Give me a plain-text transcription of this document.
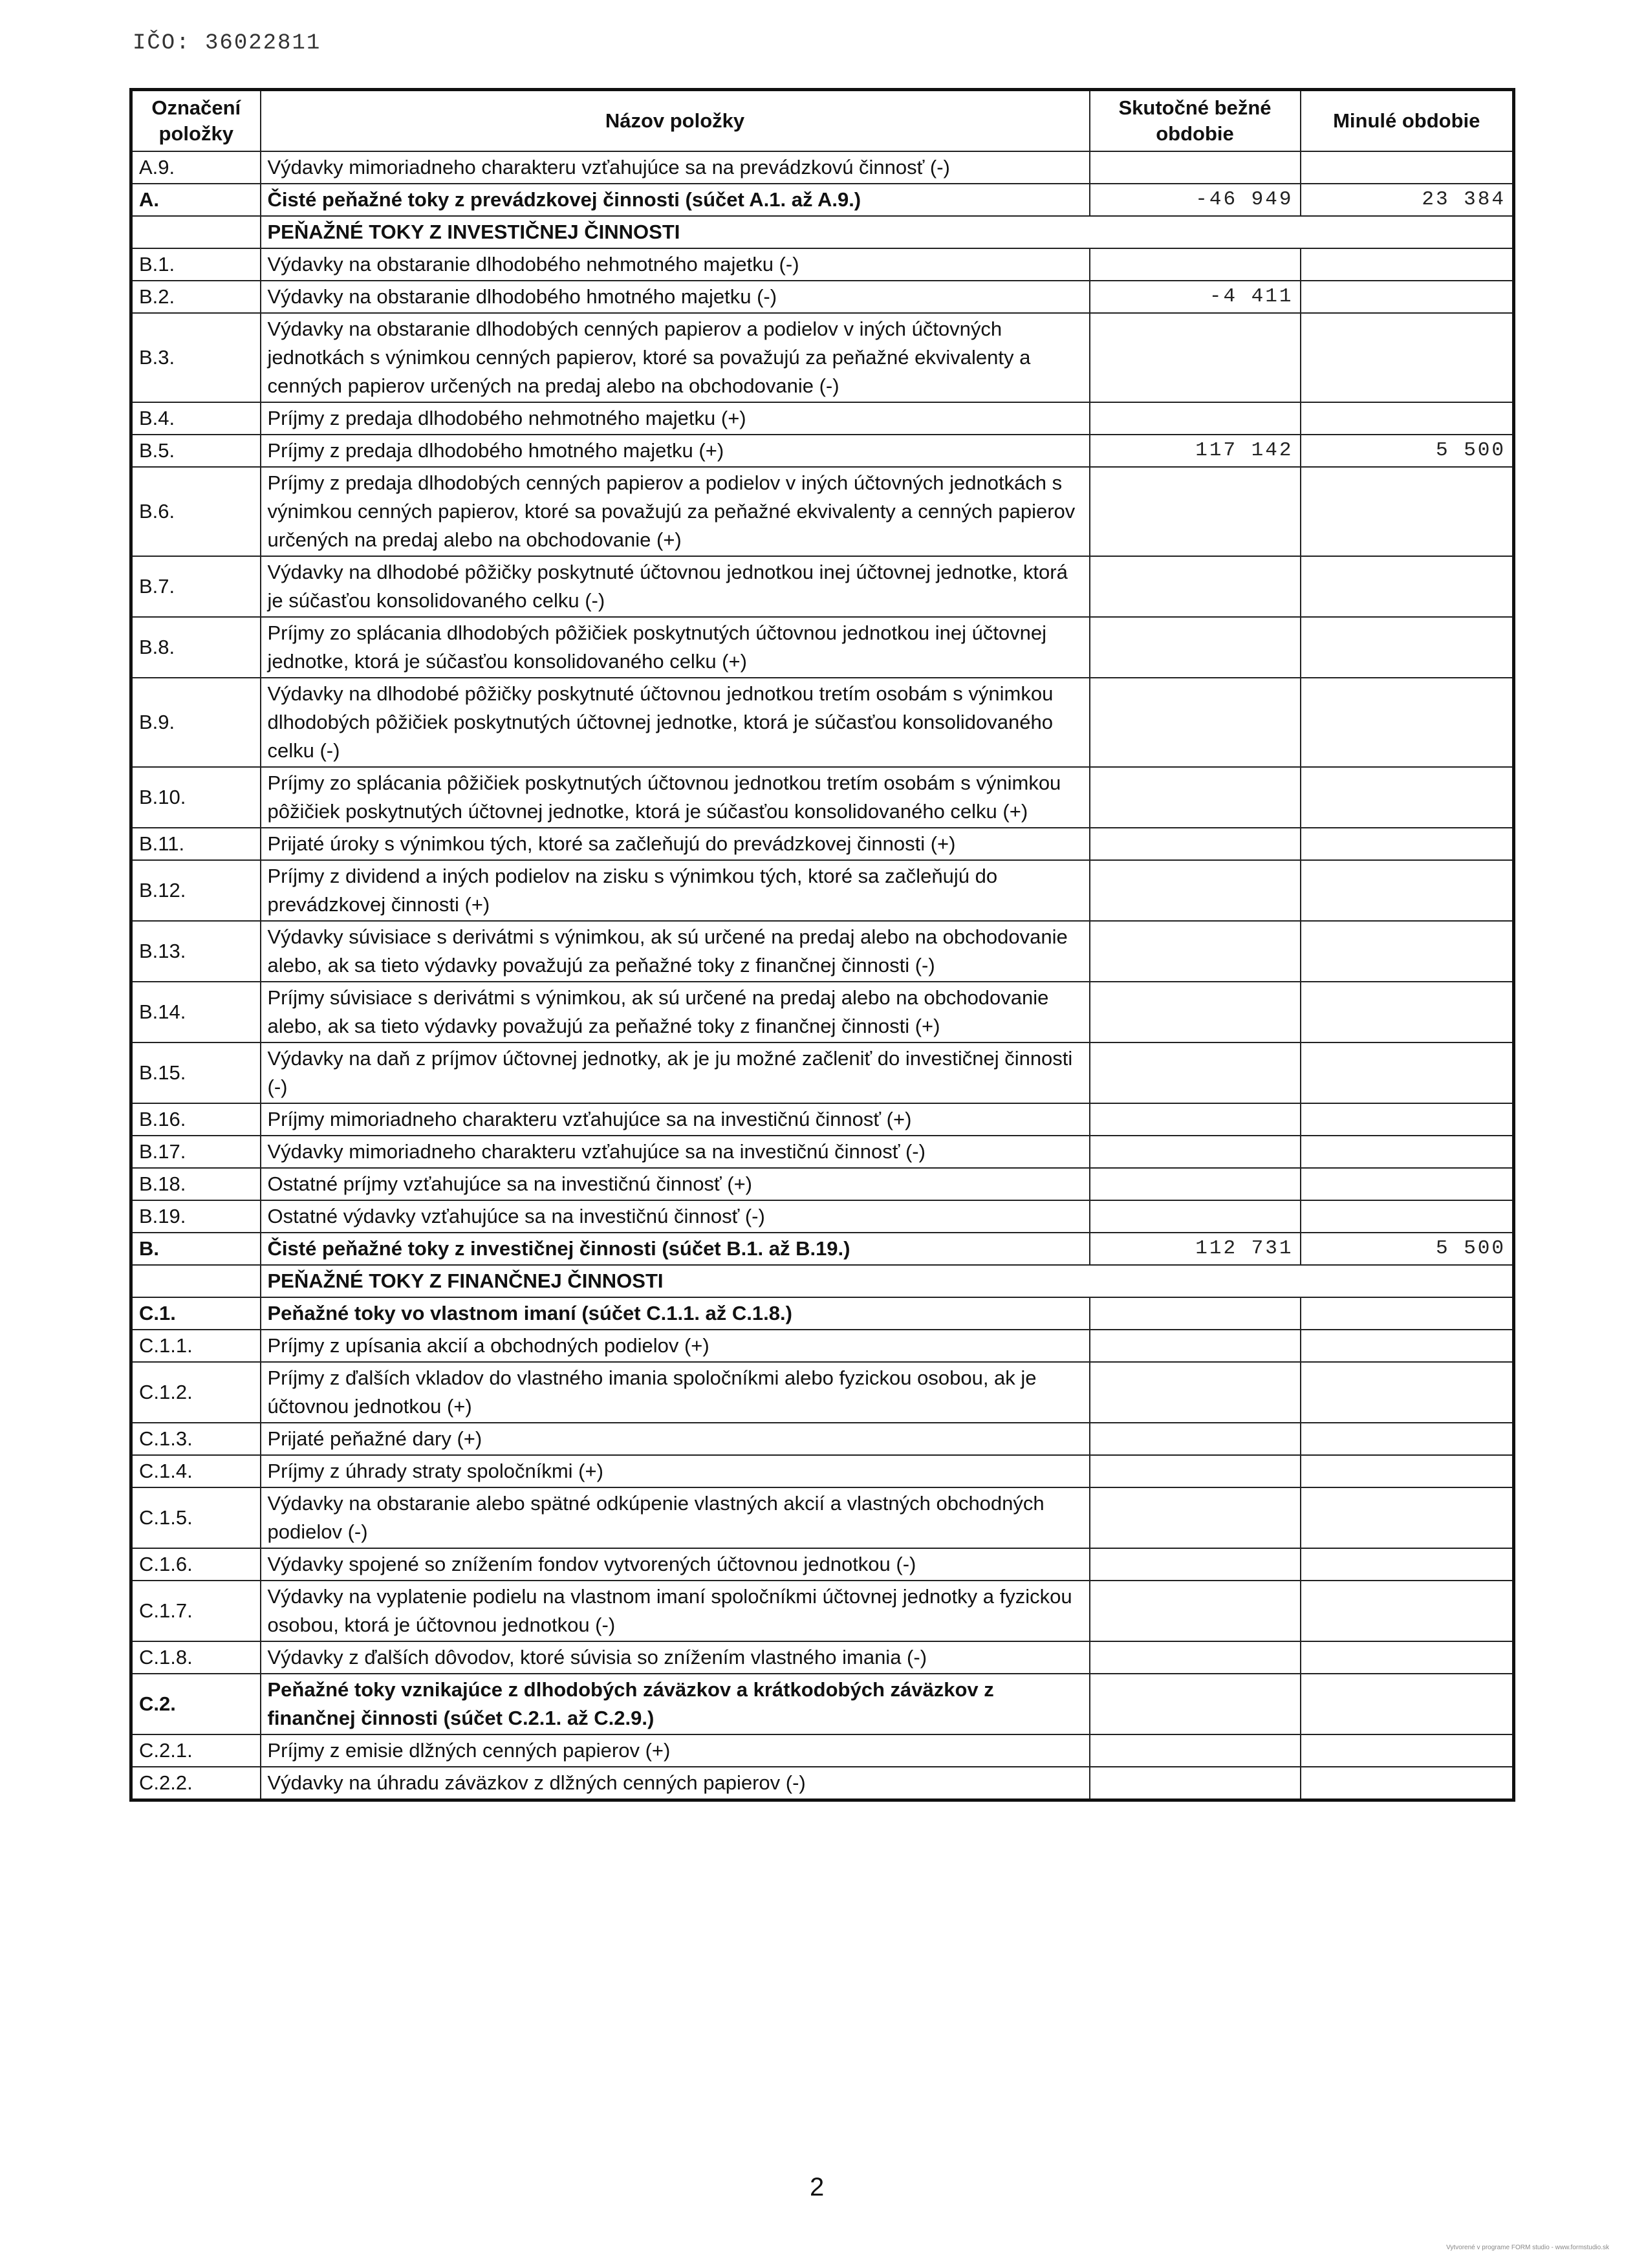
IČO: 36022811
Označení položky	Názov položky	Skutočné bežné obdobie	Minulé obdobie
A.9.	Výdavky mimoriadneho charakteru vzťahujúce sa na prevádzkovú činnosť (-)		
A.	Čisté peňažné toky z prevádzkovej činnosti (súčet A.1. až A.9.)	-46 949	23 384
	PEŇAŽNÉ TOKY Z INVESTIČNEJ ČINNOSTI		
B.1.	Výdavky na obstaranie dlhodobého nehmotného majetku (-)		
B.2.	Výdavky na obstaranie dlhodobého hmotného majetku (-)	-4 411	
B.3.	Výdavky na obstaranie dlhodobých cenných papierov a podielov v iných účtovných jednotkách s výnimkou cenných papierov, ktoré sa považujú za peňažné ekvivalenty a cenných papierov určených na predaj alebo na obchodovanie (-)		
B.4.	Príjmy z predaja dlhodobého nehmotného majetku (+)		
B.5.	Príjmy z predaja dlhodobého hmotného majetku (+)	117 142	5 500
B.6.	Príjmy z predaja dlhodobých cenných papierov a podielov v iných účtovných jednotkách s výnimkou cenných papierov, ktoré sa považujú za peňažné ekvivalenty a cenných papierov určených na predaj alebo na obchodovanie (+)		
B.7.	Výdavky na dlhodobé pôžičky poskytnuté účtovnou jednotkou inej účtovnej jednotke, ktorá je súčasťou konsolidovaného celku (-)		
B.8.	Príjmy zo splácania dlhodobých pôžičiek poskytnutých účtovnou jednotkou inej účtovnej jednotke, ktorá je súčasťou konsolidovaného celku (+)		
B.9.	Výdavky na dlhodobé pôžičky poskytnuté účtovnou jednotkou tretím osobám s výnimkou dlhodobých pôžičiek poskytnutých účtovnej jednotke, ktorá je súčasťou konsolidovaného celku (-)		
B.10.	Príjmy zo splácania pôžičiek poskytnutých účtovnou jednotkou tretím osobám s výnimkou pôžičiek poskytnutých účtovnej jednotke, ktorá je súčasťou konsolidovaného celku (+)		
B.11.	Prijaté úroky s výnimkou tých, ktoré sa začleňujú do prevádzkovej činnosti (+)		
B.12.	Príjmy z dividend a iných podielov na zisku s výnimkou tých, ktoré sa začleňujú do prevádzkovej činnosti (+)		
B.13.	Výdavky súvisiace s derivátmi s výnimkou, ak sú určené na predaj alebo na obchodovanie alebo, ak sa tieto výdavky považujú za peňažné toky z finančnej činnosti (-)		
B.14.	Príjmy súvisiace s derivátmi s výnimkou, ak sú určené na predaj alebo na obchodovanie alebo, ak sa tieto výdavky považujú za peňažné toky z finančnej činnosti (+)		
B.15.	Výdavky na daň z príjmov účtovnej jednotky, ak je ju možné začleniť do investičnej činnosti (-)		
B.16.	Príjmy mimoriadneho charakteru vzťahujúce sa na investičnú činnosť (+)		
B.17.	Výdavky mimoriadneho charakteru vzťahujúce sa na investičnú činnosť (-)		
B.18.	Ostatné príjmy vzťahujúce sa na investičnú činnosť (+)		
B.19.	Ostatné výdavky vzťahujúce sa na investičnú činnosť (-)		
B.	Čisté peňažné toky z investičnej činnosti (súčet B.1. až B.19.)	112 731	5 500
	PEŇAŽNÉ TOKY Z FINANČNEJ ČINNOSTI		
C.1.	Peňažné toky vo vlastnom imaní (súčet C.1.1. až C.1.8.)		
C.1.1.	Príjmy z upísania akcií a obchodných podielov (+)		
C.1.2.	Príjmy z ďalších vkladov do vlastného imania spoločníkmi alebo fyzickou osobou, ak je účtovnou jednotkou (+)		
C.1.3.	Prijaté peňažné dary (+)		
C.1.4.	Príjmy z úhrady straty spoločníkmi (+)		
C.1.5.	Výdavky na obstaranie alebo spätné odkúpenie vlastných akcií a vlastných obchodných podielov (-)		
C.1.6.	Výdavky spojené so znížením fondov vytvorených účtovnou jednotkou (-)		
C.1.7.	Výdavky na vyplatenie podielu na vlastnom imaní spoločníkmi účtovnej jednotky a fyzickou osobou, ktorá je účtovnou jednotkou (-)		
C.1.8.	Výdavky z ďalších dôvodov, ktoré súvisia so znížením vlastného imania (-)		
C.2.	Peňažné toky vznikajúce z dlhodobých záväzkov a krátkodobých záväzkov z finančnej činnosti (súčet C.2.1. až C.2.9.)		
C.2.1.	Príjmy z emisie dlžných cenných papierov (+)		
C.2.2.	Výdavky na úhradu záväzkov z dlžných cenných papierov (-)		
2
Vytvorené v programe FORM studio - www.formstudio.sk
